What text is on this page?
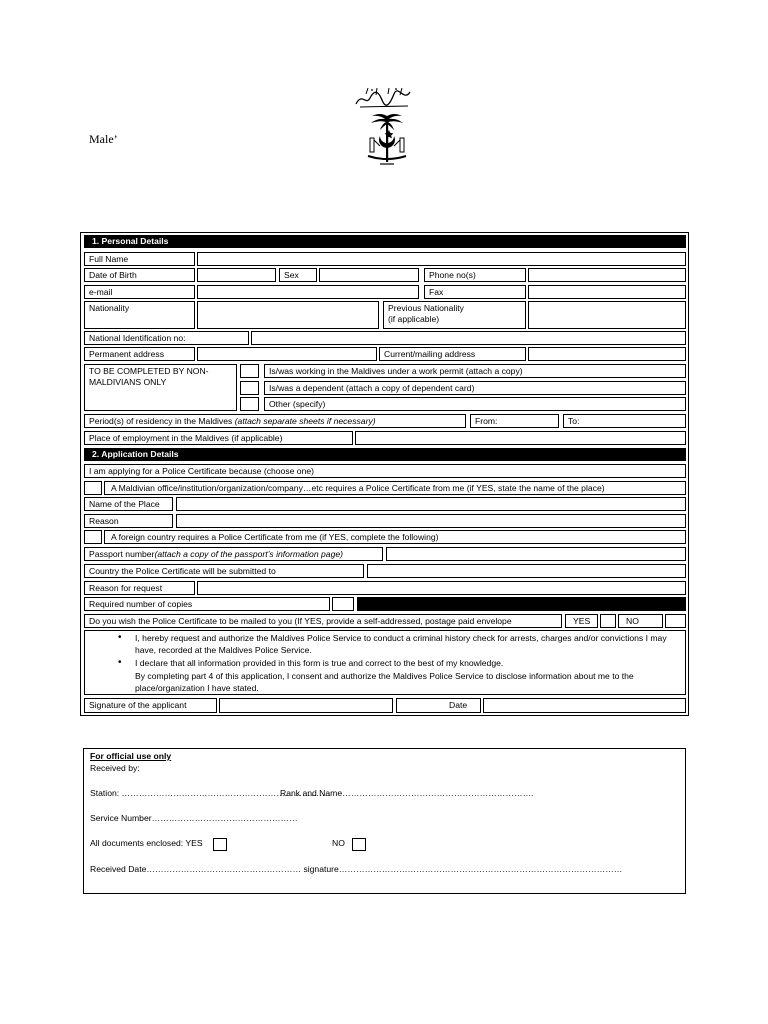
Male’
1. Personal Details
Full Name
Date of Birth	Sex	Phone no(s)
e-mail	Fax
Nationality	Previous Nationality
(if applicable)
National Identification no:
Permanent address	Current/mailing address
TO BE COMPLETED BY NON-
MALDIVIANS ONLY
Is/was working in the Maldives under a work permit (attach a copy)
Is/was a dependent (attach a copy of dependent card)
Other (specify)
Period(s) of residency in the Maldives (attach separate sheets if necessary)	From:	To:
Place of employment in the Maldives (if applicable)
2. Application Details
I am applying for a Police Certificate because (choose one)
A Maldivian office/institution/organization/company…etc requires a Police Certificate from me (if YES, state the name of the place)
Name of the Place
Reason
A foreign country requires a Police Certificate from me (if YES, complete the following)
Passport number(attach a copy of the passport’s information page)
Country the Police Certificate will be submitted to
Reason for request
Required number of copies
Do you wish the Police Certificate to be mailed to you (If YES, provide a self-addressed, postage paid envelope	YES	NO
• I, hereby request and authorize the Maldives Police Service to conduct a criminal history check for arrests, charges and/or convictions I may have, recorded at the Maldives Police Service.
• I declare that all information provided in this form is true and correct to the best of my knowledge.
By completing part 4 of this application, I consent and authorize the Maldives Police Service to disclose information about me to the place/organization I have stated.
Signature of the applicant	Date
For official use only
Received by:
Station: ……………………………………………………………….
Rank and Name………………………………………………………….
Service Number……………………………………………
All documents enclosed: YES	NO
Received Date……………………………………………… signature………………………………………………………………………………………
